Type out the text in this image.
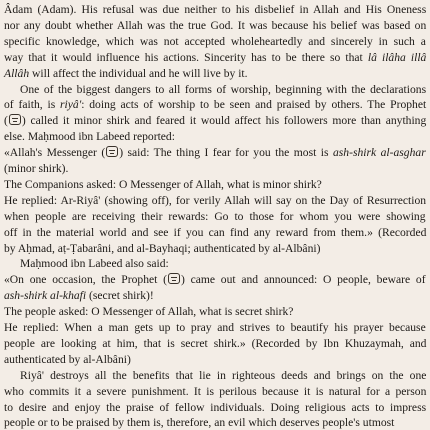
Âdam (Adam). His refusal was due neither to his disbelief in Allah and His Oneness
nor any doubt whether Allah was the true God. It was because his belief was based on
specific knowledge, which was not accepted wholeheartedly and sincerely in such a
way that it would influence his actions. Sincerity has to be there so that lâ ilâha illâ
Allâh will affect the individual and he will live by it.
One of the biggest dangers to all forms of worship, beginning with the declarations
of faith, is riyâ': doing acts of worship to be seen and praised by others. The Prophet
( ) called it minor shirk and feared it would affect his followers more than anything
else. Maḥmood ibn Labeed reported:
«Allah's Messenger ( ) said: The thing I fear for you the most is ash-shirk al-asghar
(minor shirk).
The Companions asked: O Messenger of Allah, what is minor shirk?
He replied: Ar-Riyâ' (showing off), for verily Allah will say on the Day of Resurrection
when people are receiving their rewards: Go to those for whom you were showing
off in the material world and see if you can find any reward from them.» (Recorded
by Aḥmad, aṭ-Ṭabarâni, and al-Bayhaqi; authenticated by al-Albâni)
Maḥmood ibn Labeed also said:
«On one occasion, the Prophet ( ) came out and announced: O people, beware of
ash-shirk al-khafi (secret shirk)!
The people asked: O Messenger of Allah, what is secret shirk?
He replied: When a man gets up to pray and strives to beautify his prayer because
people are looking at him, that is secret shirk.» (Recorded by Ibn Khuzaymah, and
authenticated by al-Albâni)
Riyâ' destroys all the benefits that lie in righteous deeds and brings on the one
who commits it a severe punishment. It is perilous because it is natural for a person
to desire and enjoy the praise of fellow individuals. Doing religious acts to impress
people or to be praised by them is, therefore, an evil which deserves people's utmost
